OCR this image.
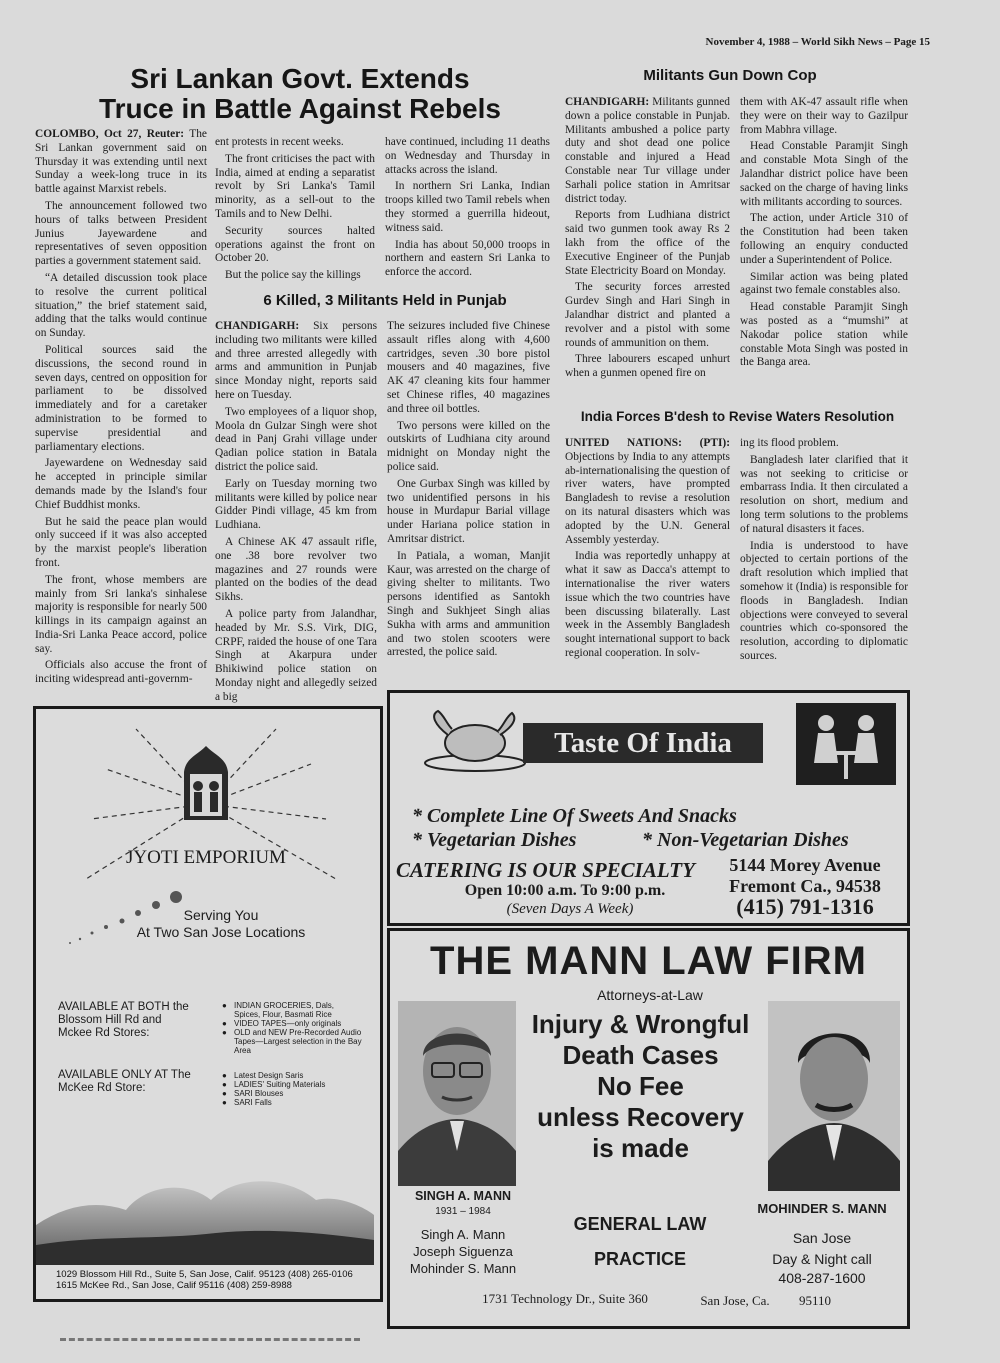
November 4, 1988 – World Sikh News – Page 15
Sri Lankan Govt. Extends
Truce in Battle Against Rebels

COLOMBO, Oct 27, Reuter: The Sri Lankan government said on Thursday it was extending until next Sunday a week-long truce in its battle against Marxist rebels.

The announcement followed two hours of talks between President Junius Jayewardene and representatives of seven opposition parties a government statement said.

“A detailed discussion took place to resolve the current political situation,” the brief statement said, adding that the talks would continue on Sunday.

Political sources said the discussions, the second round in seven days, centred on opposition for parliament to be dissolved immediately and for a caretaker administration to be formed to supervise presidential and parliamentary elections.

Jayewardene on Wednesday said he accepted in principle similar demands made by the Island's four Chief Buddhist monks.

But he said the peace plan would only succeed if it was also accepted by the marxist people's liberation front.

The front, whose members are mainly from Sri lanka's sinhalese majority is responsible for nearly 500 killings in its campaign against an India-Sri Lanka Peace accord, police say.

Officials also accuse the front of inciting widespread anti-governm-

ent protests in recent weeks.

The front criticises the pact with India, aimed at ending a separatist revolt by Sri Lanka's Tamil minority, as a sell-out to the Tamils and to New Delhi.

Security sources halted operations against the front on October 20.

But the police say the killings

have continued, including 11 deaths on Wednesday and Thursday in attacks across the island.

In northern Sri Lanka, Indian troops killed two Tamil rebels when they stormed a guerrilla hideout, witness said.

India has about 50,000 troops in northern and eastern Sri Lanka to enforce the accord.

6 Killed, 3 Militants Held in Punjab

CHANDIGARH: Six persons including two militants were killed and three arrested allegedly with arms and ammunition in Punjab since Monday night, reports said here on Tuesday.

Two employees of a liquor shop, Moola dn Gulzar Singh were shot dead in Panj Grahi village under Qadian police station in Batala district the police said.

Early on Tuesday morning two militants were killed by police near Gidder Pindi village, 45 km from Ludhiana.

A Chinese AK 47 assault rifle, one .38 bore revolver two magazines and 27 rounds were planted on the bodies of the dead Sikhs.

A police party from Jalandhar, headed by Mr. S.S. Virk, DIG, CRPF, raided the house of one Tara Singh at Akarpura under Bhikiwind police station on Monday night and allegedly seized a big

The seizures included five Chinese assault rifles along with 4,600 cartridges, seven .30 bore pistol mousers and 40 magazines, five AK 47 cleaning kits four hammer set Chinese rifles, 40 magazines and three oil bottles.

Two persons were killed on the outskirts of Ludhiana city around midnight on Monday night the police said.

One Gurbax Singh was killed by two unidentified persons in his house in Murdapur Barial village under Hariana police station in Amritsar district.

In Patiala, a woman, Manjit Kaur, was arrested on the charge of giving shelter to militants. Two persons identified as Santokh Singh and Sukhjeet Singh alias Sukha with arms and ammunition and two stolen scooters were arrested, the police said.

Militants Gun Down Cop

CHANDIGARH: Militants gunned down a police constable in Punjab. Militants ambushed a police party duty and shot dead one police constable and injured a Head Constable near Tur village under Sarhali police station in Amritsar district today.

Reports from Ludhiana district said two gunmen took away Rs 2 lakh from the office of the Executive Engineer of the Punjab State Electricity Board on Monday.

The security forces arrested Gurdev Singh and Hari Singh in Jalandhar district and planted a revolver and a pistol with some rounds of ammunition on them.

Three labourers escaped unhurt when a gunmen opened fire on

them with AK-47 assault rifle when they were on their way to Gazilpur from Mabhra village.

Head Constable Paramjit Singh and constable Mota Singh of the Jalandhar district police have been sacked on the charge of having links with militants according to sources.

The action, under Article 310 of the Constitution had been taken following an enquiry conducted under a Superintendent of Police.

Similar action was being plated against two female constables also.

Head constable Paramjit Singh was posted as a “mumshi” at Nakodar police station while constable Mota Singh was posted in the Banga area.

India Forces B'desh to Revise Waters Resolution

UNITED NATIONS: (PTI): Objections by India to any attempts ab-internationalising the question of river waters, have prompted Bangladesh to revise a resolution on its natural disasters which was adopted by the U.N. General Assembly yesterday.

India was reportedly unhappy at what it saw as Dacca's attempt to internationalise the river waters issue which the two countries have been discussing bilaterally. Last week in the Assembly Bangladesh sought international support to back regional cooperation. In solv-

ing its flood problem.

Bangladesh later clarified that it was not seeking to criticise or embarrass India. It then circulated a resolution on short, medium and long term solutions to the problems of natural disasters it faces.

India is understood to have objected to certain portions of the draft resolution which implied that somehow it (India) is responsible for floods in Bangladesh. Indian objections were conveyed to several countries which co-sponsored the resolution, according to diplomatic sources.

JYOTI EMPORIUM
Serving You
At Two San Jose Locations
AVAILABLE AT BOTH the Blossom Hill Rd and Mckee Rd Stores:
● INDIAN GROCERIES, Dals, Spices, Flour, Basmati Rice
● VIDEO TAPES—only originals
● OLD and NEW Pre-Recorded Audio Tapes—Largest selection in the Bay Area
AVAILABLE ONLY AT The McKee Rd Store:
● Latest Design Saris
● LADIES' Suiting Materials
● SARI Blouses
● SARI Falls
1029 Blossom Hill Rd., Suite 5, San Jose, Calif. 95123 (408) 265-0106
1615 McKee Rd., San Jose, Calif 95116 (408) 259-8988
Taste Of India
* Complete Line Of Sweets And Snacks
* Vegetarian Dishes	* Non-Vegetarian Dishes
CATERING IS OUR SPECIALTY
Open 10:00 a.m. To 9:00 p.m.
(Seven Days A Week)
5144 Morey Avenue
Fremont Ca., 94538
(415) 791-1316
THE MANN LAW FIRM
Attorneys-at-Law
SINGH A. MANN
1931 – 1984
Singh A. Mann
Joseph Siguenza
Mohinder S. Mann
Injury & Wrongful
Death Cases
No Fee
unless Recovery
is made
GENERAL LAW
PRACTICE
MOHINDER S. MANN
San Jose
Day & Night call
408-287-1600
1731 Technology Dr., Suite 360	San Jose, Ca.	95110
